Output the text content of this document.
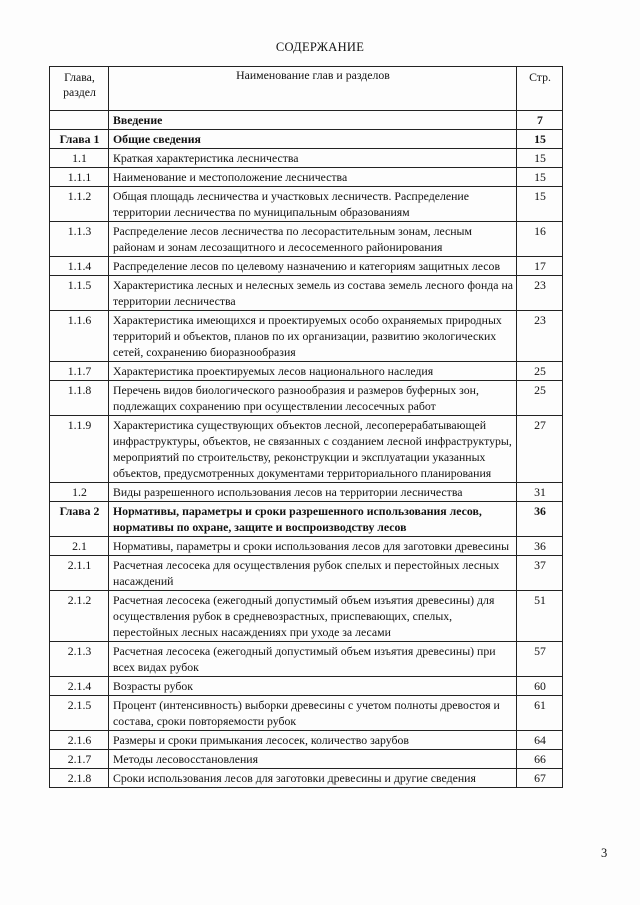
СОДЕРЖАНИЕ
Глава, раздел	Наименование глав и разделов	Стр.
	Введение	7
Глава 1	Общие сведения	15
1.1	Краткая характеристика лесничества	15
1.1.1	Наименование и местоположение лесничества	15
1.1.2	Общая площадь лесничества и участковых лесничеств. Распределение территории лесничества по муниципальным образованиям	15
1.1.3	Распределение лесов лесничества по лесорастительным зонам, лесным районам и зонам лесозащитного и лесосеменного районирования	16
1.1.4	Распределение лесов по целевому назначению и категориям защитных лесов	17
1.1.5	Характеристика лесных и нелесных земель из состава земель лесного фонда на территории лесничества	23
1.1.6	Характеристика имеющихся и проектируемых особо охраняемых природных территорий и объектов, планов по их организации, развитию экологических сетей, сохранению биоразнообразия	23
1.1.7	Характеристика проектируемых лесов национального наследия	25
1.1.8	Перечень видов биологического разнообразия и размеров буферных зон, подлежащих сохранению при осуществлении лесосечных работ	25
1.1.9	Характеристика существующих объектов лесной, лесоперерабатывающей инфраструктуры, объектов, не связанных с созданием лесной инфраструктуры, мероприятий по строительству, реконструкции и эксплуатации указанных объектов, предусмотренных документами территориального планирования	27
1.2	Виды разрешенного использования лесов на территории лесничества	31
Глава 2	Нормативы, параметры и сроки разрешенного использования лесов, нормативы по охране, защите и воспроизводству лесов	36
2.1	Нормативы, параметры и сроки использования лесов для заготовки древесины	36
2.1.1	Расчетная лесосека для осуществления рубок спелых и перестойных лесных насаждений	37
2.1.2	Расчетная лесосека (ежегодный допустимый объем изъятия древесины) для осуществления рубок в средневозрастных, приспевающих, спелых, перестойных лесных насаждениях при уходе за лесами	51
2.1.3	Расчетная лесосека (ежегодный допустимый объем изъятия древесины) при всех видах рубок	57
2.1.4	Возрасты рубок	60
2.1.5	Процент (интенсивность) выборки древесины с учетом полноты древостоя и состава, сроки повторяемости рубок	61
2.1.6	Размеры и сроки примыкания лесосек, количество зарубов	64
2.1.7	Методы лесовосстановления	66
2.1.8	Сроки использования лесов для заготовки древесины и другие сведения	67
3
